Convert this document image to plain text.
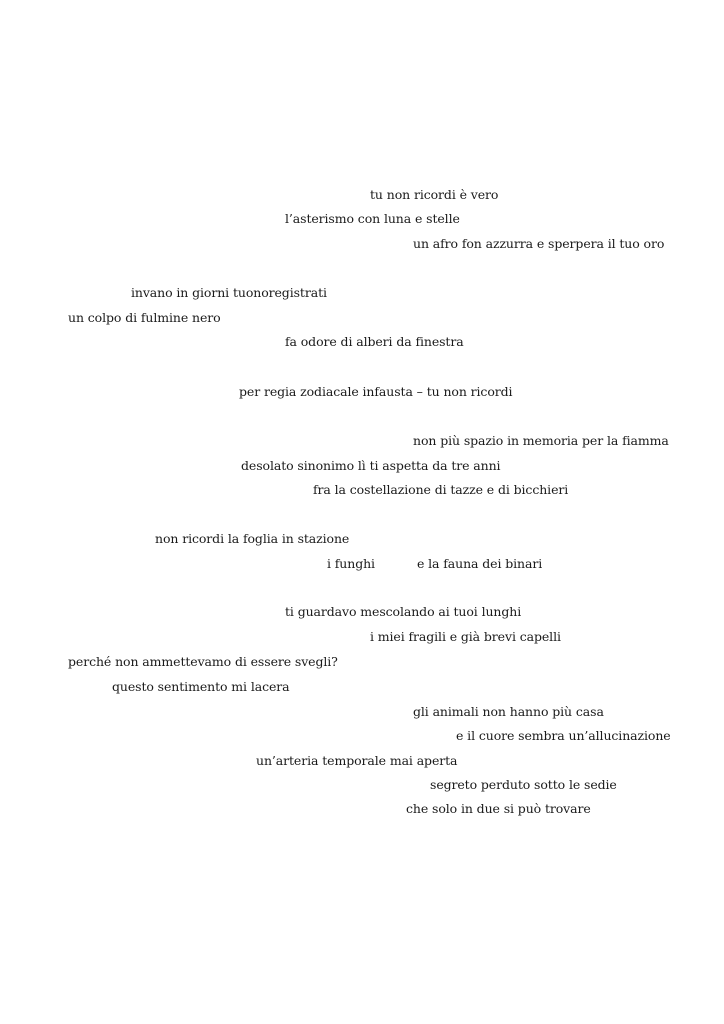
tu non ricordi è vero

l’asterismo con luna e stelle

un afro fon azzurra e sperpera il tuo oro

invano in giorni tuonoregistrati

un colpo di fulmine nero

fa odore di alberi da finestra

per regia zodiacale infausta – tu non ricordi

non più spazio in memoria per la fiamma

desolato sinonimo lì ti aspetta da tre anni

fra la costellazione di tazze e di bicchieri

non ricordi la foglia in stazione

i funghi	e la fauna dei binari

ti guardavo mescolando ai tuoi lunghi

i miei fragili e già brevi capelli

perché non ammettevamo di essere svegli?

questo sentimento mi lacera

gli animali non hanno più casa

e il cuore sembra un’allucinazione

un’arteria temporale mai aperta

segreto perduto sotto le sedie

che solo in due si può trovare
